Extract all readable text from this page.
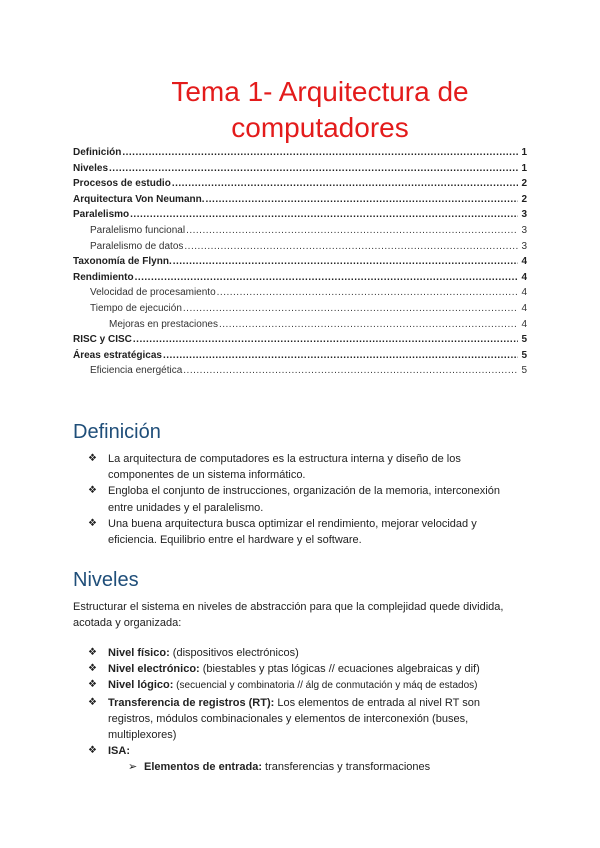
Tema 1- Arquitectura de
computadores
Definición .....	1
Niveles .....	1
Procesos de estudio .....	2
Arquitectura Von Neumann. .....	2
Paralelismo .....	3
Paralelismo funcional .....	3
Paralelismo de datos .....	3
Taxonomía de Flynn. .....	4
Rendimiento .....	4
Velocidad de procesamiento .....	4
Tiempo de ejecución .....	4
Mejoras en prestaciones .....	4
RISC y CISC .....	5
Áreas estratégicas .....	5
Eficiencia energética .....	5
Definición
❖	La arquitectura de computadores es la estructura interna y diseño de los componentes de un sistema informático.
❖	Engloba el conjunto de instrucciones, organización de la memoria, interconexión entre unidades y el paralelismo.
❖	Una buena arquitectura busca optimizar el rendimiento, mejorar velocidad y eficiencia. Equilibrio entre el hardware y el software.
Niveles

Estructurar el sistema en niveles de abstracción para que la complejidad quede dividida, acotada y organizada:

❖	Nivel físico: (dispositivos electrónicos)
❖	Nivel electrónico: (biestables y ptas lógicas // ecuaciones algebraicas y dif)
❖	Nivel lógico: (secuencial y combinatoria // álg de conmutación y máq de estados)
❖	Transferencia de registros (RT): Los elementos de entrada al nivel RT son registros, módulos combinacionales y elementos de interconexión (buses, multiplexores)
❖	ISA:
➢ Elementos de entrada: transferencias y transformaciones
